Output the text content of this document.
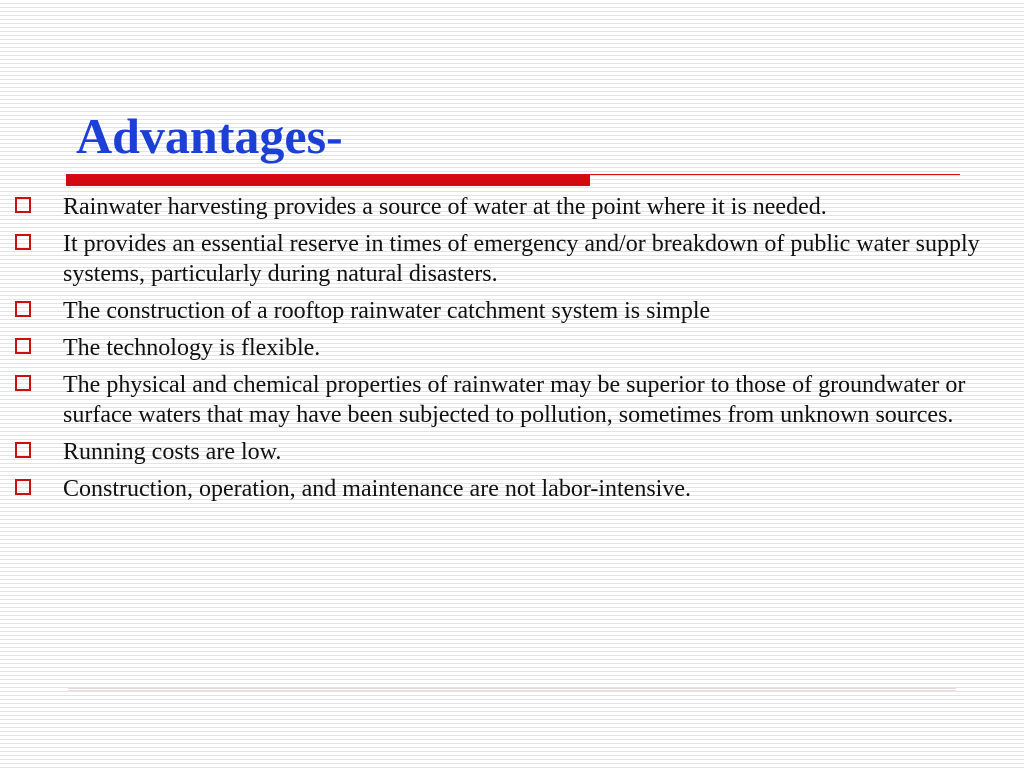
Advantages-
Rainwater harvesting provides a source of water at the point where it is needed.
It provides an essential reserve in times of emergency and/or breakdown of public water supply systems, particularly during natural disasters.
The construction of a rooftop rainwater catchment system is simple
The technology is flexible.
The physical and chemical properties of rainwater may be superior to those of groundwater or surface waters that may have been subjected to pollution, sometimes from unknown sources.
Running costs are low.
Construction, operation, and maintenance are not labor-intensive.
